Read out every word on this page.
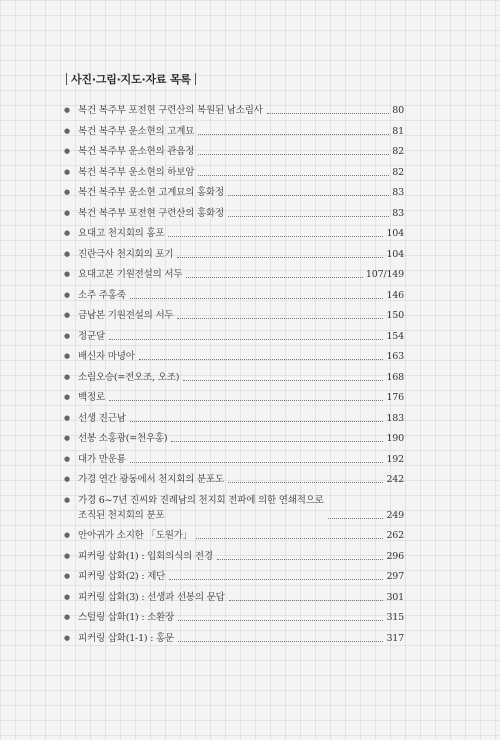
사진·그림·지도·자료 목록
● 복건 복주부 포전현 구련산의 복원된 남소림사	80
● 복건 복주부 운소현의 고계묘	81
● 복건 복주부 운소현의 관음정	82
● 복건 복주부 운소현의 하보암	82
● 복건 복주부 운소현 고계묘의 홍화정	83
● 복건 복주부 포전현 구련산의 홍화정	83
● 요대고 천지회의 홍포	104
● 진란극사 천지회의 포기	104
● 요대고본 기원전설의 서두	107/149
● 소주 주홍죽	146
● 금남본 기원전설의 서두	150
● 정군달	154
● 배신자 마녕아	163
● 소림오승(=전오조, 오조)	168
● 백정로	176
● 선생 진근남	183
● 선봉 소홍광(=천우홍)	190
● 대가 만운룡	192
● 가경 연간 광동에서 천지회의 분포도	242
● 가경 6~7년 진씨와 진례남의 천지회 전파에 의한 연쇄적으로
조직된 천지회의 분포	249
● 안아귀가 소지한 「도원가」	262
● 피커링 삽화(1) : 입회의식의 전경	296
● 피커링 삽화(2) : 제단	297
● 피커링 삽화(3) : 선생과 선봉의 문답	301
● 스털링 삽화(1) : 소환장	315
● 피커링 삽화(1-1) : 홍문	317
